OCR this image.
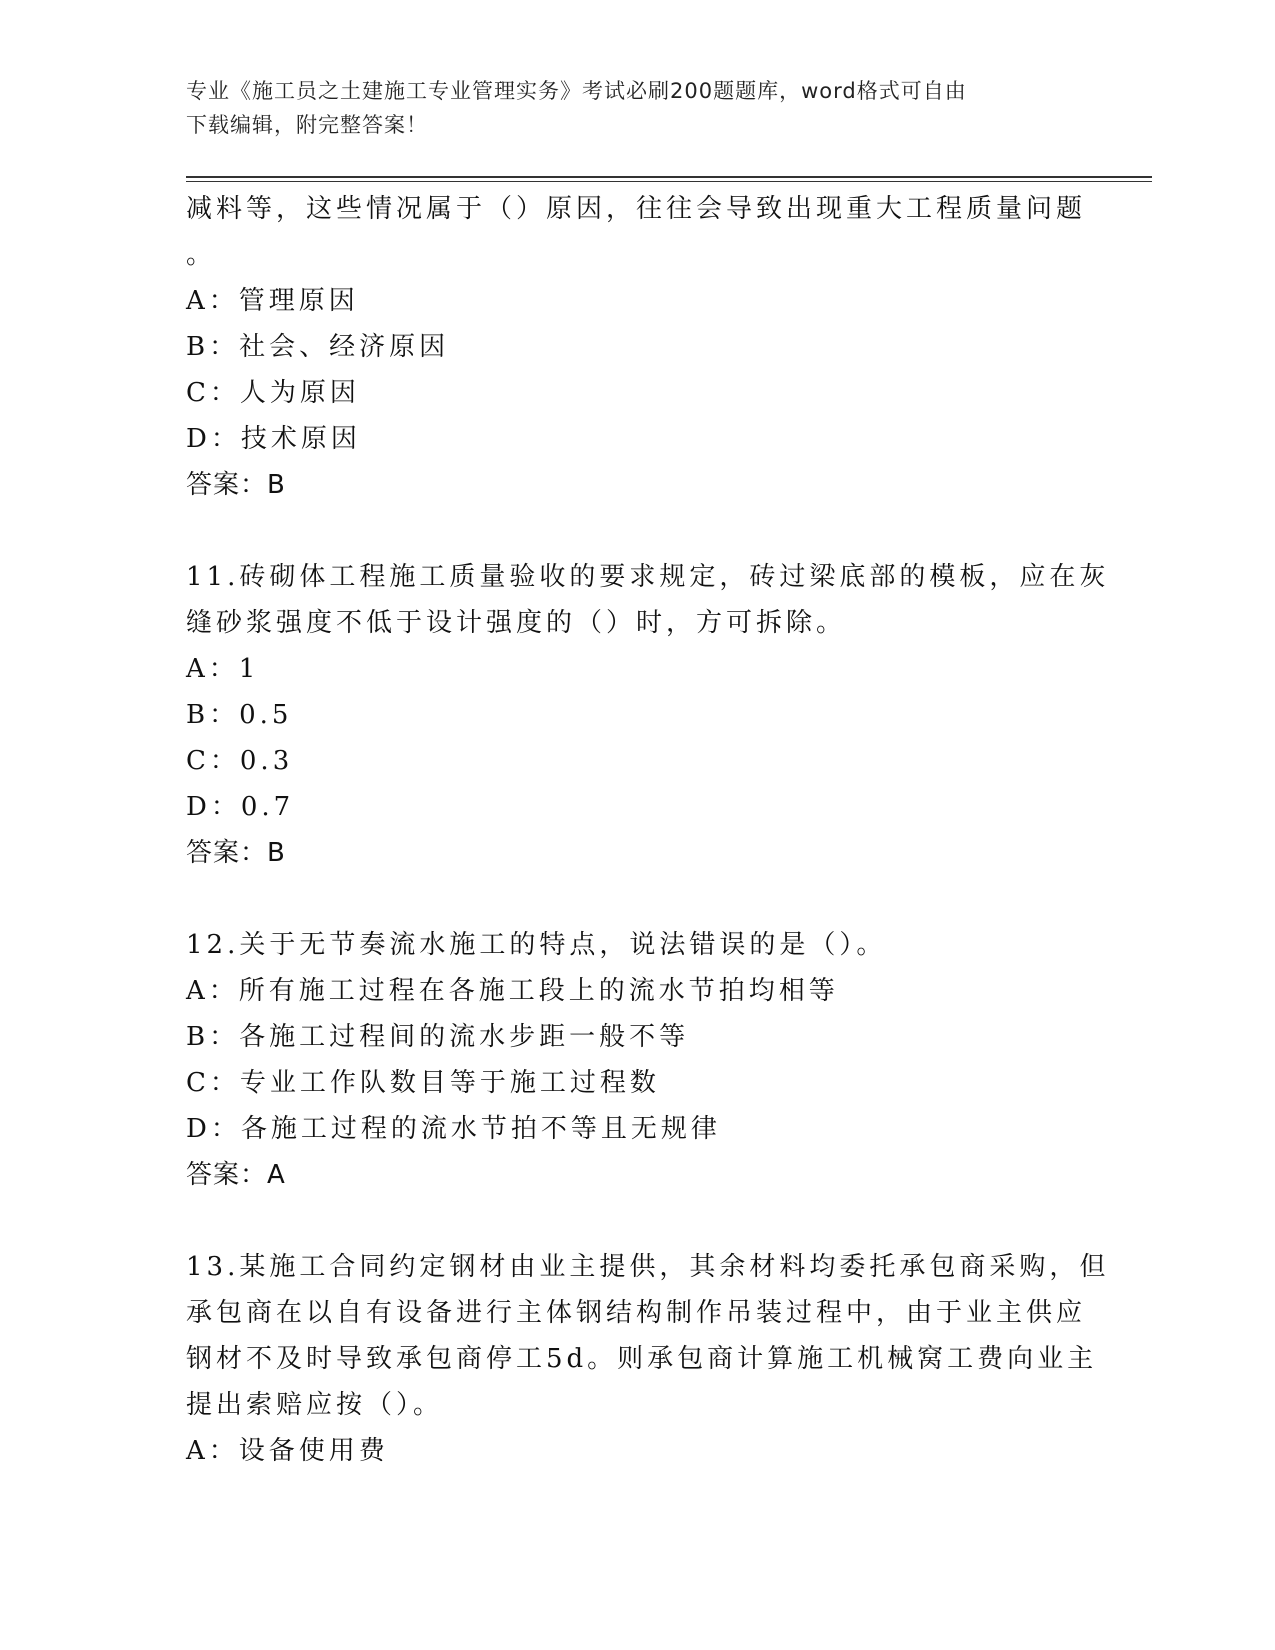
专业《施工员之土建施工专业管理实务》考试必刷200题题库，word格式可自由
下载编辑，附完整答案！
减料等，这些情况属于（）原因，往往会导致出现重大工程质量问题
。
A：管理原因
B：社会、经济原因
C：人为原因
D：技术原因
答案：B
11.砖砌体工程施工质量验收的要求规定，砖过梁底部的模板，应在灰
缝砂浆强度不低于设计强度的（）时，方可拆除。
A：1
B：0.5
C：0.3
D：0.7
答案：B
12.关于无节奏流水施工的特点，说法错误的是（）。
A：所有施工过程在各施工段上的流水节拍均相等
B：各施工过程间的流水步距一般不等
C：专业工作队数目等于施工过程数
D：各施工过程的流水节拍不等且无规律
答案：A
13.某施工合同约定钢材由业主提供，其余材料均委托承包商采购，但
承包商在以自有设备进行主体钢结构制作吊装过程中，由于业主供应
钢材不及时导致承包商停工5d。则承包商计算施工机械窝工费向业主
提出索赔应按（）。
A：设备使用费
